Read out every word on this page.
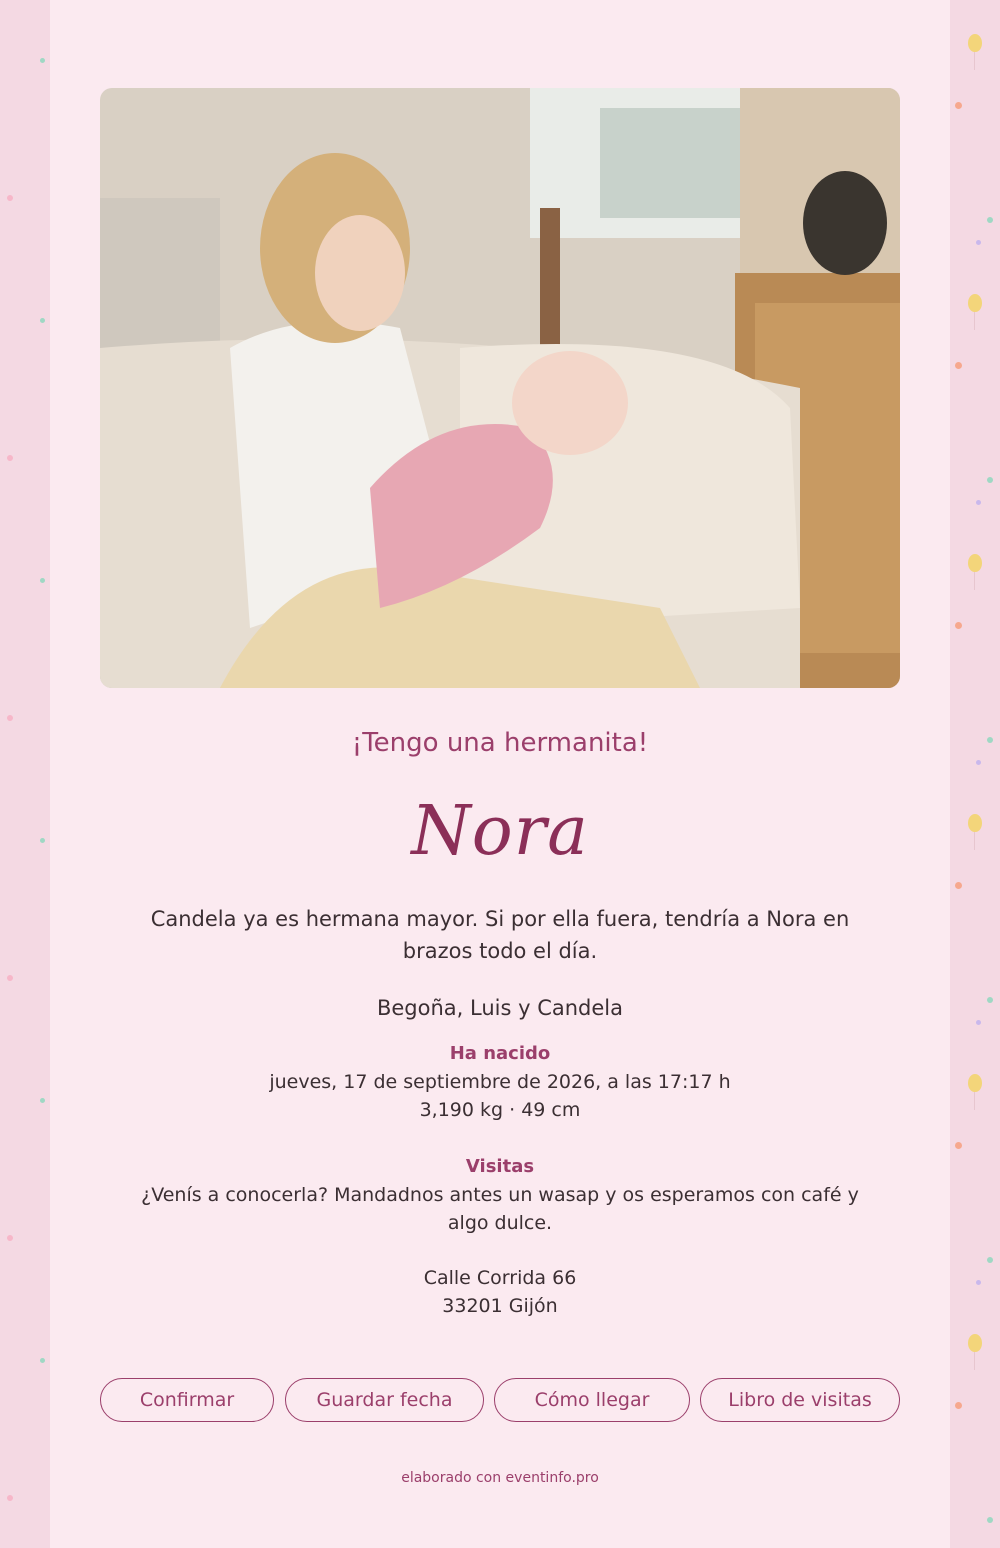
¡Tengo una hermanita!
Nora
Candela ya es hermana mayor. Si por ella fuera, tendría a Nora en brazos todo el día.
Begoña, Luis y Candela
Ha nacido
jueves, 17 de septiembre de 2026, a las 17:17 h
3,190 kg · 49 cm
Visitas
¿Venís a conocerla? Mandadnos antes un wasap y os esperamos con café y algo dulce.
Calle Corrida 66
33201 Gijón
Confirmar	Guardar fecha	Cómo llegar	Libro de visitas
elaborado con eventinfo.pro
